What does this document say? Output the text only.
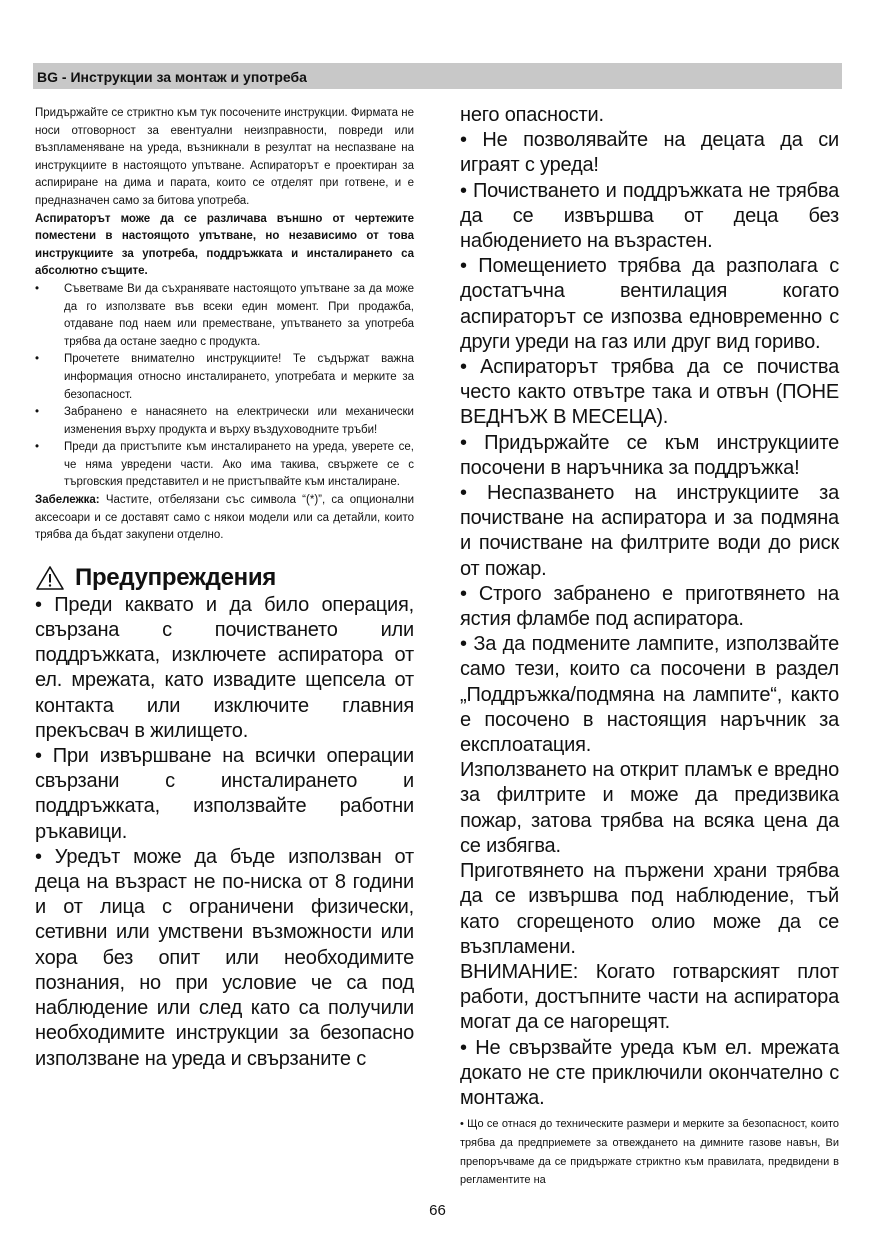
BG - Инструкции за монтаж и употреба

Придържайте се стриктно към тук посочените инструкции. Фирмата не носи отговорност за евентуални неизправности, повреди или възпламеняване на уреда, възникнали в резултат на неспазване на инструкциите в настоящото упътване. Аспираторът е проектиран за аспириране на дима и парата, които се отделят при готвене, и е предназначен само за битова употреба.

Аспираторът може да се различава външно от чертежите поместени в настоящото упътване, но независимо от това инструкциите за употреба, поддръжката и инсталирането са абсолютно същите.

• Съветваме Ви да съхранявате настоящото упътване за да може да го използвате във всеки един момент. При продажба, отдаване под наем или преместване, упътването за употреба трябва да остане заедно с продукта.
• Прочетете внимателно инструкциите! Те съдържат важна информация относно инсталирането, употребата и мерките за безопасност.
• Забранено е нанасянето на електрически или механически изменения върху продукта и върху въздуховодните тръби!
• Преди да пристъпите към инсталирането на уреда, уверете се, че няма увредени части. Ако има такива, свържете се с търговския представител и не пристъпвайте към инсталиране.

Забележка: Частите, отбелязани със символа “(*)”, са опционални аксесоари и се доставят само с някои модели или са детайли, които трябва да бъдат закупени отделно.

Предупреждения

• Преди каквато и да било операция, свързана с почистването или поддръжката, изключете аспиратора от ел. мрежата, като извадите щепсела от контакта или изключите главния прекъсвач в жилището.

• При извършване на всички операции свързани с инсталирането и поддръжката, използвайте работни ръкавици.

• Уредът може да бъде използван от деца на възраст не по-ниска от 8 години и от лица с ограничени физически, сетивни или умствени възможности или хора без опит или необходимите познания, но при условие че са под наблюдение или след като са получили необходимите инструкции за безопасно използване на уреда и свързаните с

него опасности.

• Не позволявайте на децата да си играят с уреда!

• Почистването и поддръжката не трябва да се извършва от деца без набюдението на възрастен.

• Помещението трябва да разполага с достатъчна вентилация когато аспираторът се изпозва едновременно с други уреди на газ или друг вид гориво.

• Аспираторът трябва да се почиства често както отвътре така и отвън (ПОНЕ ВЕДНЪЖ В МЕСЕЦА).

• Придържайте се към инструкциите посочени в наръчника за поддръжка!

• Неспазването на инструкциите за почистване на аспиратора и за подмяна и почистване на филтрите води до риск от пожар.

• Строго забранено е приготвянето на ястия фламбе под аспиратора.

• За да подмените лампите, използвайте само тези, които са посочени в раздел „Поддръжка/подмяна на лампите“, както е посочено в настоящия наръчник за експлоатация.

Използването на открит пламък е вредно за филтрите и може да предизвика пожар, затова трябва на всяка цена да се избягва.

Приготвянето на пържени храни трябва да се извършва под наблюдение, тъй като сгорещеното олио може да се възпламени.

ВНИМАНИЕ: Когато готварският плот работи, достъпните части на аспиратора могат да се нагорещят.

• Не свързвайте уреда към ел. мрежата докато не сте приключили окончателно с монтажа.

• Що се отнася до техническите размери и мерките за безопасност, които трябва да предприемете за отвеждането на димните газове навън, Ви препоръчваме да се придържате стриктно към правилата, предвидени в регламентите на

66
